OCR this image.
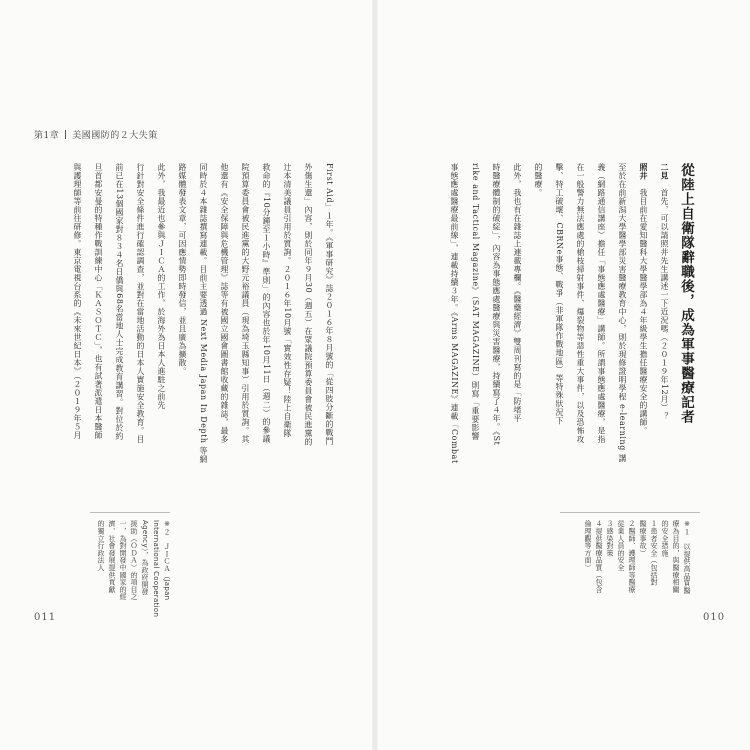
第1章 美國國防的２大失策
從陸上自衛隊辭職後，成為軍事醫療記者
二見　首先，可以請照井先生講述一下近況嗎（２０１９年12月）？
照井　我目前在愛知醫科大學醫學部為４年級學生擔任醫療安全的講師。
至於在前新潟大學醫學部災害醫療教育中心，則於現修證明學程 e-learning 講
義（網路通信講座）擔任「事態應處醫療」講師。所謂事態應處醫療，是指
在一般警力無法應處的槍枝掃射事件、爆裂物等惡性重大事件，以及恐怖攻
擊、特工破壞、CBRNe事態、戰爭（非軍隊作戰地區）等特殊狀況下
的醫療。
此外，我也有在雜誌上連載專欄。《醫藥經濟》雙周刊寫的是「防堵平
時醫療體制的破綻」，內容為事態應處醫療與災害醫療，持續寫了４年。《St
rike and Tactical Magazine》（SAT MAGAZINE）則寫「重要影響
事態應處醫療最前線」，連載持續３年。《Arms MAGAZINE》連載「Combat
※１　以提供高品質醫
療為目的，與醫療相關
的安全措施
１患者安全（包括對
醫療事故）
２醫師、護理師等醫療
從業人員的安全
３感染對策
４提供醫療品質（包含
倫理觀等方面）
First Aid」１年。《軍事研究》誌２０１６年８月號的「從四肢分斷的戰鬥
外傷生還」內容，則於同年９月30（週五）在眾議院預算委員會被民進黨的
辻本清美議員引用於質詢。２０１６年10月號「實效性存疑！陸上自衛隊
救命的『10分鐘至１小時』準則」的內容也於年10月11日（週二）的參議
院預算委員會被民進黨的大野元裕議員（現為埼玉縣知事）引用於質詢。其
他還有《安全保障與危機管理》誌等有被國立國會圖書館收藏的雜誌，最多
同時於４本雜誌撰寫連載。目前主要透過 Next Media Japan In Depth 等網
路媒體發表文章，可因應情勢即時發信，並且廣為擴散。
此外，我最近也參與ＪＩＣＡ的工作，於海外為日本人進駐之前先
行針對安全條件進行確認調查，並對在當地活動的日本人實施安全教育。目
前已在13個國家對８３４名日僑與68名當地人士完成教育講習。對位於約
旦首都安曼的特種作戰訓練中心「ＫＡＳＯＴＣ」，也有試著派遣日本醫師
與護理師等前往研修。東京電視台系的《未來世紀日本》（２０１９年５月
※２　ＪＩＣＡ（Japan
International Cooperation
Agency），為政府開發
援助（ＯＤＡ）的項目之
一，為對開發中國家的經
濟、社會發展提供貢獻
的獨立行政法人
011	010
